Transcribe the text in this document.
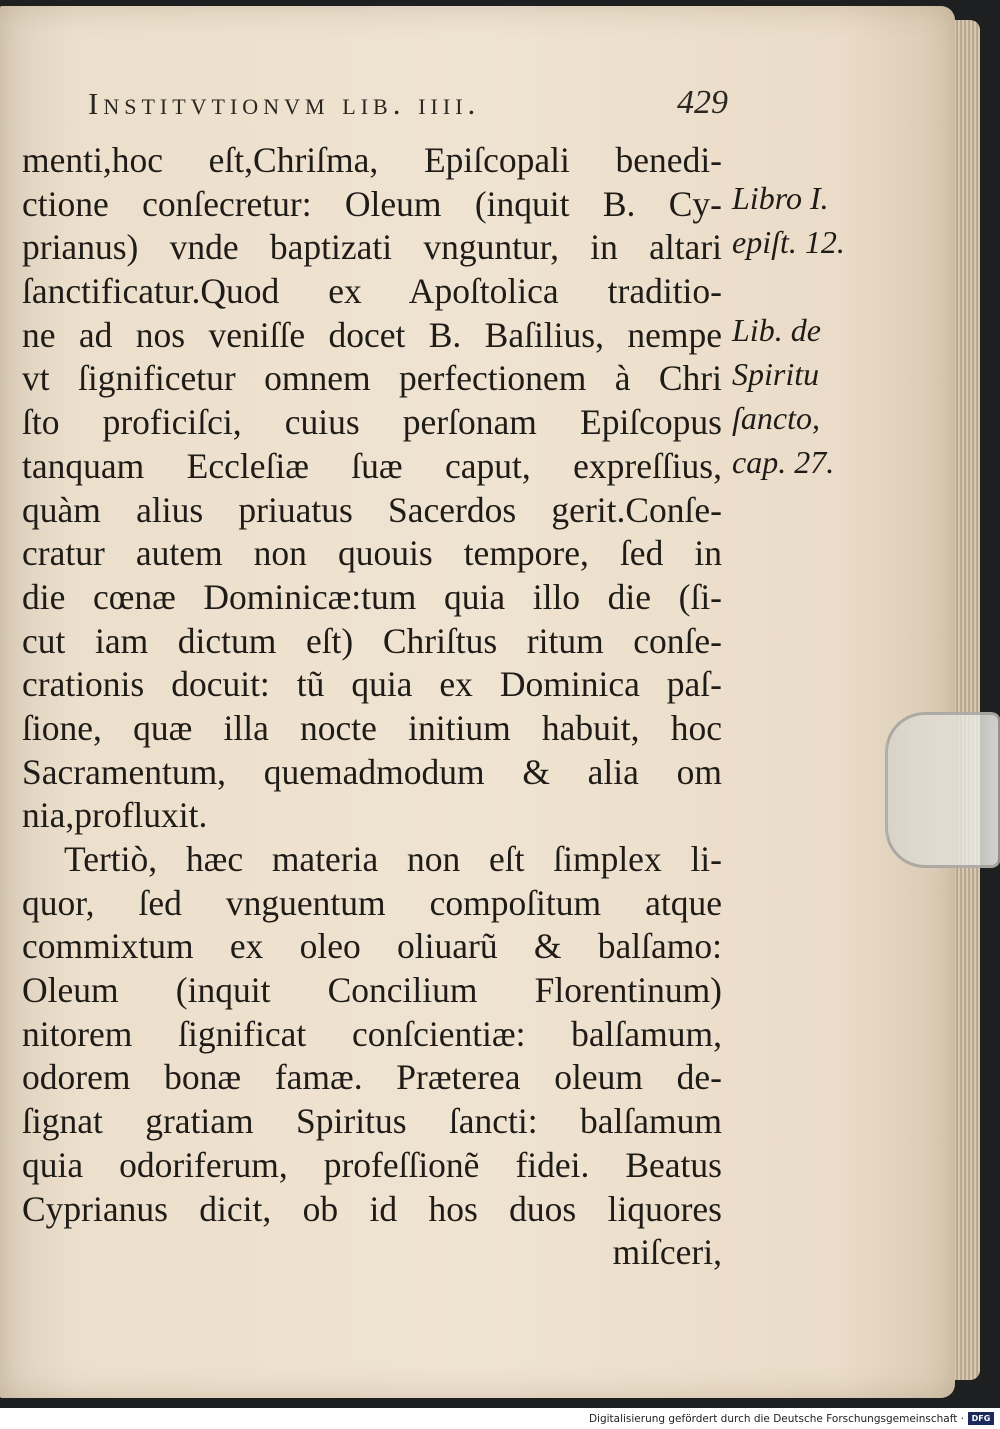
Institvtionvm lib. iiii.	429
menti,hoc eſt,Chriſma, Epiſcopali benedi-
ctione conſecretur: Oleum (inquit B. Cy-
prianus) vnde baptizati vnguntur, in altari
ſanctificatur.Quod ex Apoſtolica traditio-
ne ad nos veniſſe docet B. Baſilius, nempe
vt ſignificetur omnem perfectionem à Chri
ſto proficiſci, cuius perſonam Epiſcopus
tanquam Eccleſiæ ſuæ caput, expreſſius,
quàm alius priuatus Sacerdos gerit.Conſe-
cratur autem non quouis tempore, ſed in
die cœnæ Dominicæ:tum quia illo die (ſi-
cut iam dictum eſt) Chriſtus ritum conſe-
crationis docuit: tũ quia ex Dominica paſ-
ſione, quæ illa nocte initium habuit, hoc
Sacramentum, quemadmodum & alia om
nia,profluxit.
Tertiò, hæc materia non eſt ſimplex li-
quor, ſed vnguentum compoſitum atque
commixtum ex oleo oliuarũ & balſamo:
Oleum (inquit Concilium Florentinum)
nitorem ſignificat conſcientiæ: balſamum,
odorem bonæ famæ. Præterea oleum de-
ſignat gratiam Spiritus ſancti: balſamum
quia odoriferum, profeſſionẽ fidei. Beatus
Cyprianus dicit, ob id hos duos liquores
miſceri,
Libro I.
epiſt. 12.

Lib. de
Spiritu
ſancto,
cap. 27.
Digitalisierung gefördert durch die Deutsche Forschungsgemeinschaft · DFG
